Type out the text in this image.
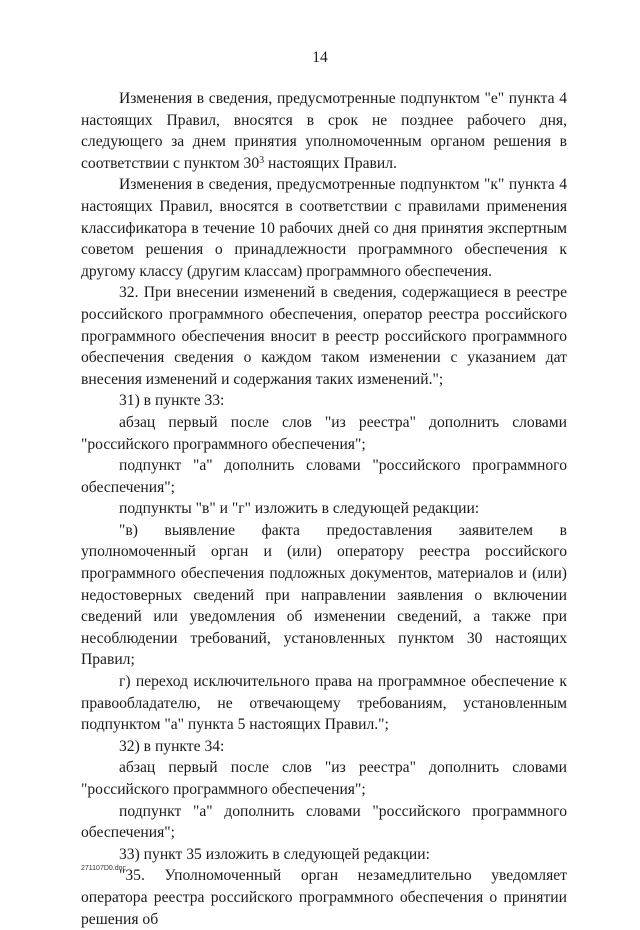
14

Изменения в сведения, предусмотренные подпунктом "е" пункта 4 настоящих Правил, вносятся в срок не позднее рабочего дня, следующего за днем принятия уполномоченным органом решения в соответствии с пунктом $30^3$ настоящих Правил.

Изменения в сведения, предусмотренные подпунктом "к" пункта 4 настоящих Правил, вносятся в соответствии с правилами применения классификатора в течение 10 рабочих дней со дня принятия экспертным советом решения о принадлежности программного обеспечения к другому классу (другим классам) программного обеспечения.

32. При внесении изменений в сведения, содержащиеся в реестре российского программного обеспечения, оператор реестра российского программного обеспечения вносит в реестр российского программного обеспечения сведения о каждом таком изменении с указанием дат внесения изменений и содержания таких изменений.";

31) в пункте 33:

абзац первый после слов "из реестра" дополнить словами "российского программного обеспечения";

подпункт "а" дополнить словами "российского программного обеспечения";

подпункты "в" и "г" изложить в следующей редакции:

"в) выявление факта предоставления заявителем в уполномоченный орган и (или) оператору реестра российского программного обеспечения подложных документов, материалов и (или) недостоверных сведений при направлении заявления о включении сведений или уведомления об изменении сведений, а также при несоблюдении требований, установленных пунктом 30 настоящих Правил;

г) переход исключительного права на программное обеспечение к правообладателю, не отвечающему требованиям, установленным подпунктом "а" пункта 5 настоящих Правил.";

32) в пункте 34:

абзац первый после слов "из реестра" дополнить словами "российского программного обеспечения";

подпункт "а" дополнить словами "российского программного обеспечения";

33) пункт 35 изложить в следующей редакции:

"35. Уполномоченный орган незамедлительно уведомляет оператора реестра российского программного обеспечения о принятии решения об

271107D0.doc
